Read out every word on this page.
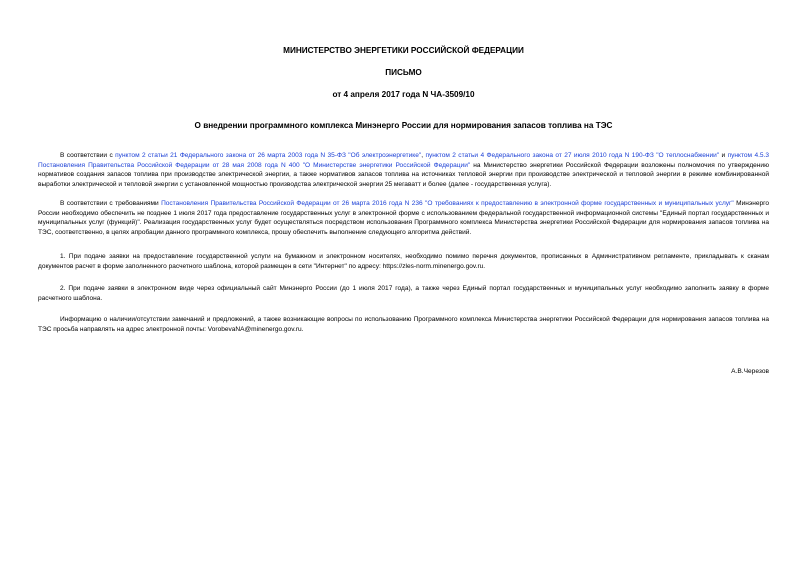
МИНИСТЕРСТВО ЭНЕРГЕТИКИ РОССИЙСКОЙ ФЕДЕРАЦИИ

ПИСЬМО

от 4 апреля 2017 года N ЧА-3509/10

О внедрении программного комплекса Минэнерго России для нормирования запасов топлива на ТЭС

В соответствии с пунктом 2 статьи 21 Федерального закона от 26 марта 2003 года N 35-ФЗ "Об электроэнергетике", пунктом 2 статьи 4 Федерального закона от 27 июля 2010 года N 190-ФЗ "О теплоснабжении" и пунктом 4.5.3 Постановления Правительства Российской Федерации от 28 мая 2008 года N 400 "О Министерстве энергетики Российской Федерации" на Министерство энергетики Российской Федерации возложены полномочия по утверждению нормативов создания запасов топлива при производстве электрической энергии, а также нормативов запасов топлива на источниках тепловой энергии при производстве электрической и тепловой энергии в режиме комбинированной выработки электрической и тепловой энергии с установленной мощностью производства электрической энергии 25 мегаватт и более (далее - государственная услуга).

В соответствии с требованиями Постановления Правительства Российской Федерации от 26 марта 2016 года N 236 "О требованиях к предоставлению в электронной форме государственных и муниципальных услуг" Минэнерго России необходимо обеспечить не позднее 1 июля 2017 года предоставление государственных услуг в электронной форме с использованием федеральной государственной информационной системы "Единый портал государственных и муниципальных услуг (функций)". Реализация государственных услуг будет осуществляться посредством использования Программного комплекса Министерства энергетики Российской Федерации для нормирования запасов топлива на ТЭС, соответственно, в целях апробации данного программного комплекса, прошу обеспечить выполнение следующего алгоритма действий.

1. При подаче заявки на предоставление государственной услуги на бумажном и электронном носителях, необходимо помимо перечня документов, прописанных в Административном регламенте, прикладывать к сканам документов расчет в форме заполненного расчетного шаблона, которой размещен в сети "Интернет" по адресу: https://zles-norm.minenergo.gov.ru.

2. При подаче заявки в электронном виде через официальный сайт Минэнерго России (до 1 июля 2017 года), а также через Единый портал государственных и муниципальных услуг необходимо заполнить заявку в форме расчетного шаблона.

Информацию о наличии/отсутствии замечаний и предложений, а также возникающие вопросы по использованию Программного комплекса Министерства энергетики Российской Федерации для нормирования запасов топлива на ТЭС просьба направлять на адрес электронной почты: VorobevaNA@minenergo.gov.ru.

А.В.Черезов
